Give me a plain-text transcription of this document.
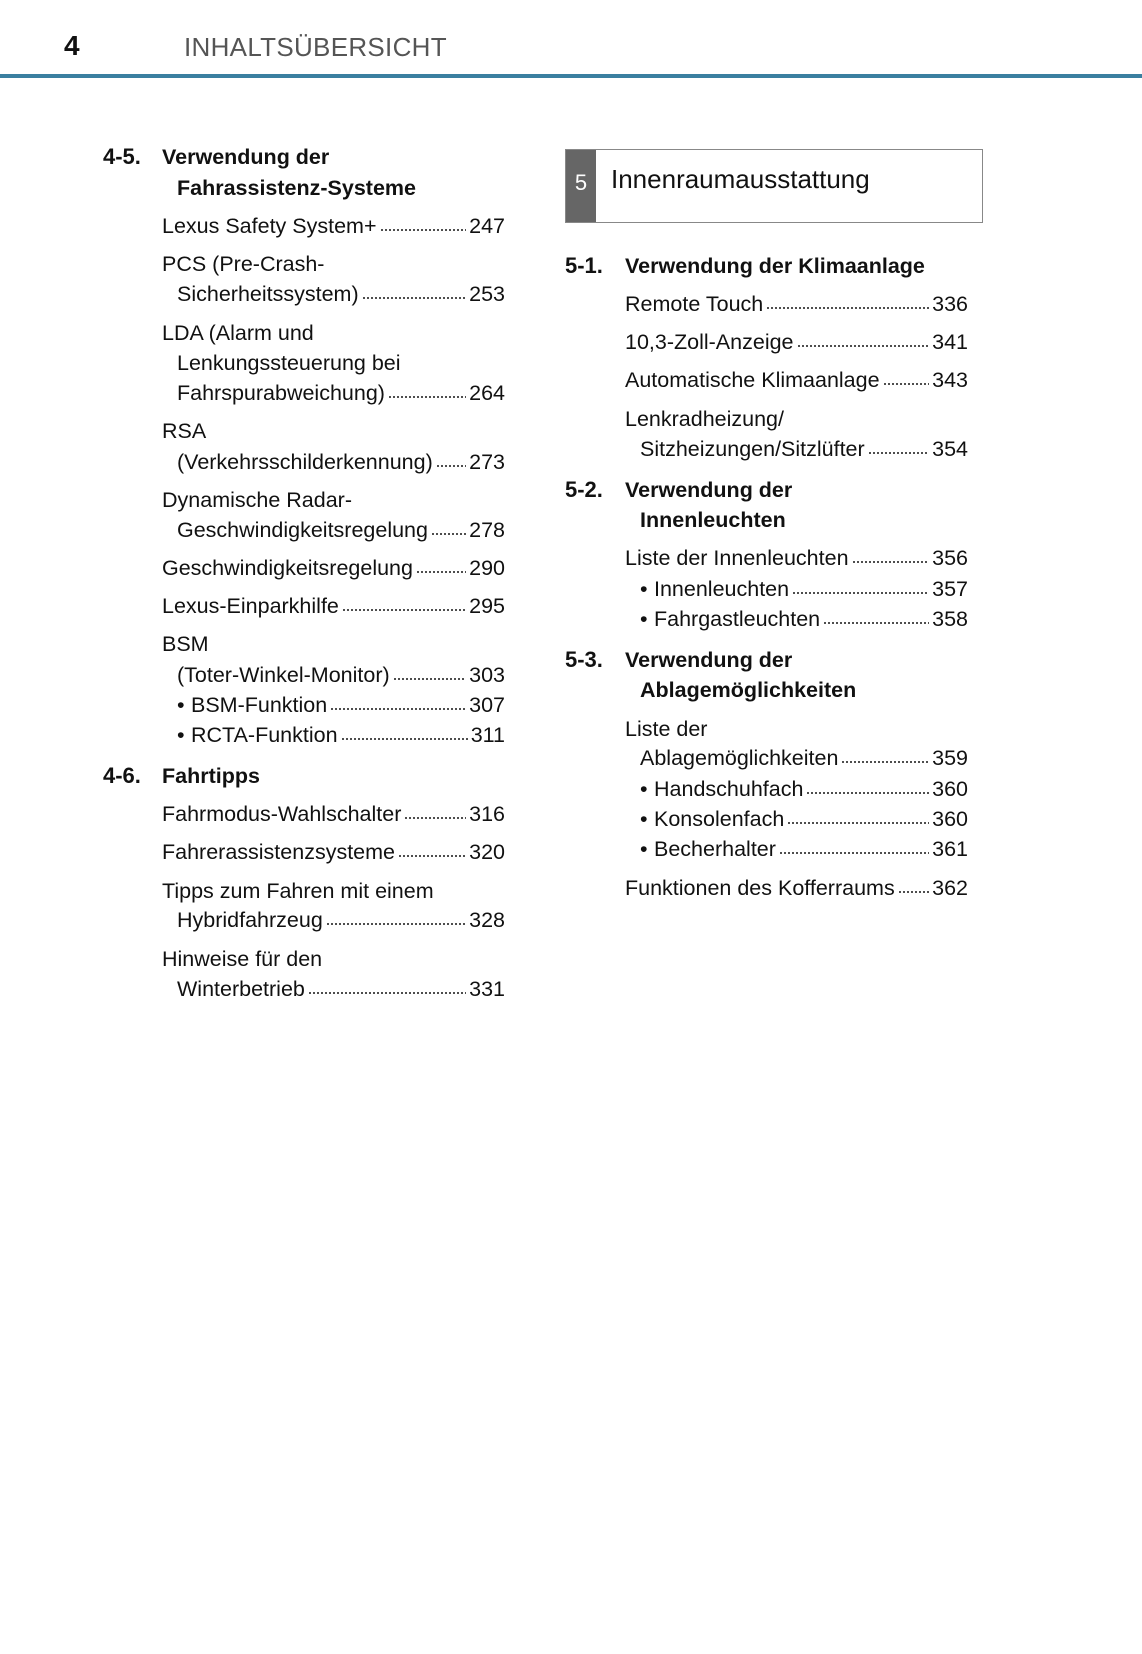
4	INHALTSÜBERSICHT
4-5. Verwendung der
Fahrassistenz-Systeme
Lexus Safety System+	247
PCS (Pre-Crash-
Sicherheitssystem)	253
LDA (Alarm und
Lenkungssteuerung bei
Fahrspurabweichung)	264
RSA
(Verkehrsschilderkennung) 273
Dynamische Radar-
Geschwindigkeitsregelung 278
Geschwindigkeitsregelung	290
Lexus-Einparkhilfe	295
BSM
(Toter-Winkel-Monitor)	303
• BSM-Funktion	307
• RCTA-Funktion	311
4-6. Fahrtipps
Fahrmodus-Wahlschalter	316
Fahrerassistenzsysteme	320
Tipps zum Fahren mit einem
Hybridfahrzeug	328
Hinweise für den
Winterbetrieb	331
5 Innenraumausstattung
5-1. Verwendung der Klimaanlage
Remote Touch	336
10,3-Zoll-Anzeige	341
Automatische Klimaanlage 343
Lenkradheizung/
Sitzheizungen/Sitzlüfter	354
5-2. Verwendung der
Innenleuchten
Liste der Innenleuchten	356
• Innenleuchten	357
• Fahrgastleuchten	358
5-3. Verwendung der
Ablagemöglichkeiten
Liste der
Ablagemöglichkeiten	359
• Handschuhfach	360
• Konsolenfach	360
• Becherhalter	361
Funktionen des Kofferraums 362
